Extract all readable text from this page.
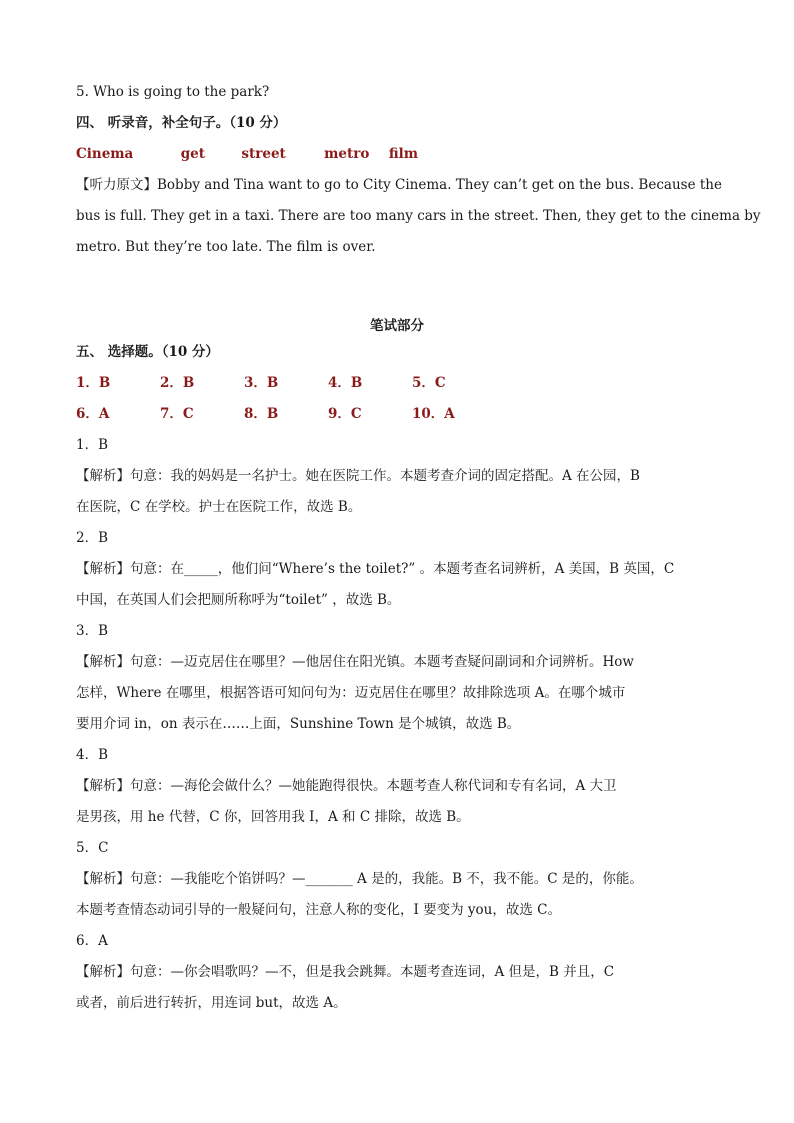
5. Who is going to the park?

四、 听录音，补全句子。（10 分）

Cinema	get	street	metro film

【听力原文】Bobby and Tina want to go to City Cinema. They can’t get on the bus. Because the

bus is full. They get in a taxi. There are too many cars in the street. Then, they get to the cinema by

metro. But they’re too late. The film is over.

笔试部分

五、 选择题。（10 分）

1．B	2．B	3．B	4．B	5．C

6．A	7．C	8．B	9．C	10．A

1．B

【解析】句意：我的妈妈是一名护士。她在医院工作。本题考查介词的固定搭配。A 在公园，B

在医院，C 在学校。护士在医院工作，故选 B。

2．B

【解析】句意：在_____，他们问“Where’s the toilet?” 。本题考查名词辨析，A 美国，B 英国，C

中国，在英国人们会把厕所称呼为“toilet” ，故选 B。

3．B

【解析】句意：—迈克居住在哪里？—他居住在阳光镇。本题考查疑问副词和介词辨析。How

怎样，Where 在哪里，根据答语可知问句为：迈克居住在哪里？故排除选项 A。在哪个城市

要用介词 in，on 表示在……上面，Sunshine Town 是个城镇，故选 B。

4．B

【解析】句意：—海伦会做什么？—她能跑得很快。本题考查人称代词和专有名词，A 大卫

是男孩，用 he 代替，C 你，回答用我 I，A 和 C 排除，故选 B。

5．C

【解析】句意：—我能吃个馅饼吗？—_______ A 是的，我能。B 不，我不能。C 是的，你能。

本题考查情态动词引导的一般疑问句，注意人称的变化，I 要变为 you，故选 C。

6．A

【解析】句意：—你会唱歌吗？—不，但是我会跳舞。本题考查连词，A 但是，B 并且，C

或者，前后进行转折，用连词 but，故选 A。
